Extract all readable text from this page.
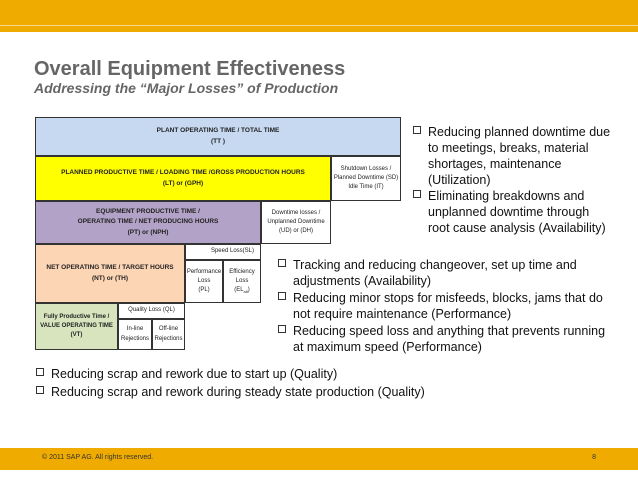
Overall Equipment Effectiveness
Addressing the “Major Losses” of Production
PLANT OPERATING TIME / TOTAL TIME
(TT )
PLANNED PRODUCTIVE TIME / LOADING TIME /GROSS PRODUCTION HOURS
(LT) or (GPH)
Shutdown Losses /
Planned Downtime (SD)
Idle Time (IT)
EQUIPMENT PRODUCTIVE TIME /
OPERATING TIME / NET PRODUCING HOURS
(PT) or (NPH)
Downtime losses /
Unplanned Downtime
(UD) or (DH)
NET OPERATING TIME / TARGET HOURS
(NT) or (TH)
Speed Loss(SL)
Performance
Loss
(PL)
Efficiency Loss
$(EL_{alt})$
Fully Productive Time /
VALUE OPERATING TIME
(VT)
Quality Loss (QL)
In-line
Rejections
Off-line
Rejections
Reducing planned downtime due to meetings, breaks, material shortages, maintenance (Utilization)
Eliminating breakdowns and unplanned downtime through root cause analysis (Availability)
Tracking and reducing changeover, set up time and adjustments (Availability)
Reducing minor stops for misfeeds, blocks, jams that do not require maintenance (Performance)
Reducing speed loss and anything that prevents running at maximum speed (Performance)
Reducing scrap and rework due to start up (Quality)
Reducing scrap and rework during steady state production (Quality)
© 2011 SAP AG. All rights reserved.	8
